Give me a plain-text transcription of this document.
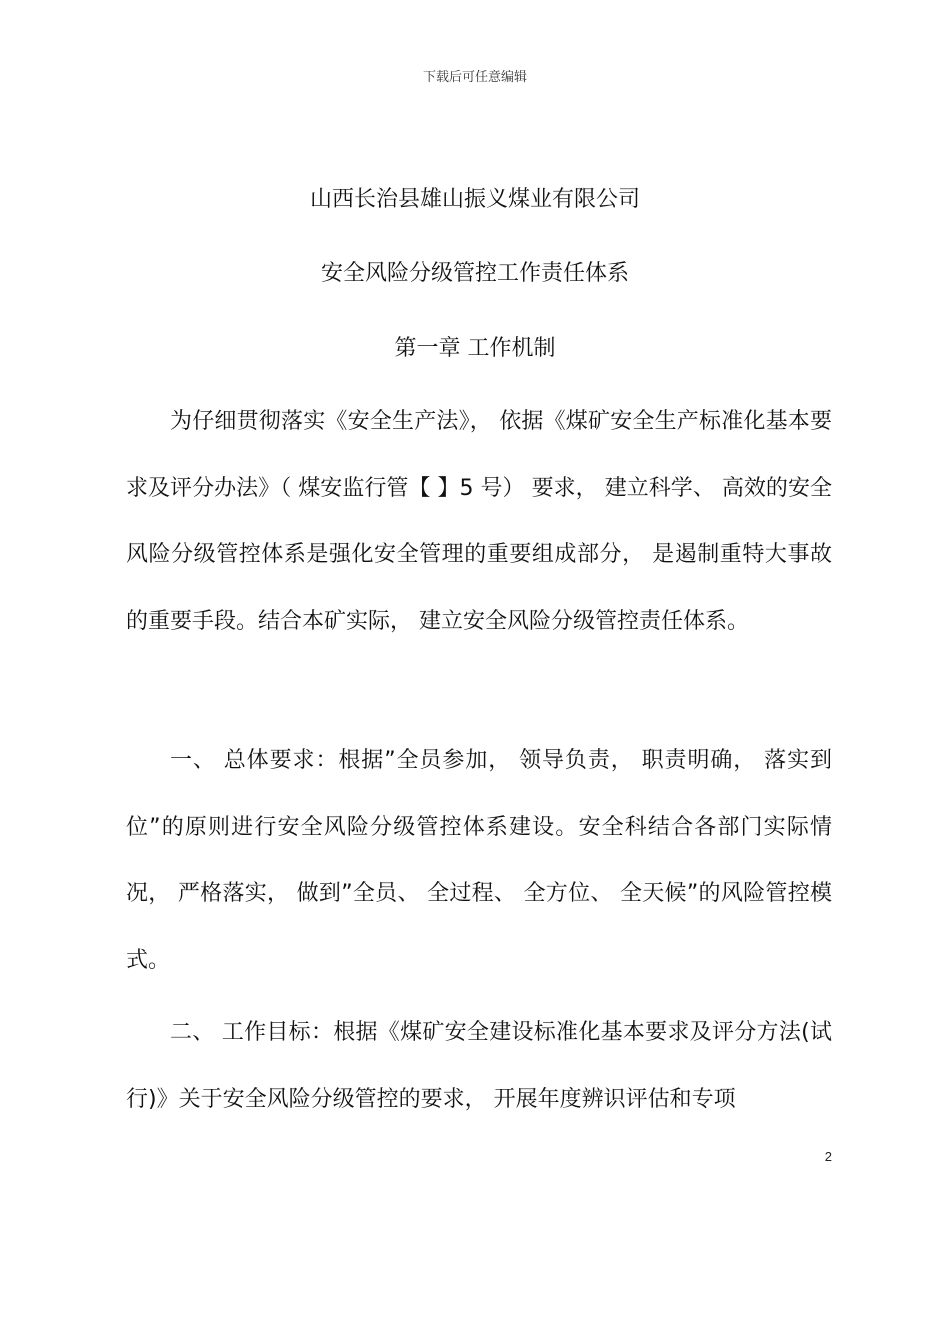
下载后可任意编辑
山西长治县雄山振义煤业有限公司
安全风险分级管控工作责任体系
第一章 工作机制

为仔细贯彻落实《安全生产法》， 依据《煤矿安全生产标准化基本要求及评分办法》（ 煤安监行管【 】5 号） 要求， 建立科学、 高效的安全风险分级管控体系是强化安全管理的重要组成部分， 是遏制重特大事故的重要手段。结合本矿实际， 建立安全风险分级管控责任体系。

一、 总体要求：根据”全员参加， 领导负责， 职责明确， 落实到位”的原则进行安全风险分级管控体系建设。安全科结合各部门实际情况， 严格落实， 做到”全员、 全过程、 全方位、 全天候”的风险管控模式。

二、 工作目标：根据《煤矿安全建设标准化基本要求及评分方法(试行)》关于安全风险分级管控的要求， 开展年度辨识评估和专项

2
